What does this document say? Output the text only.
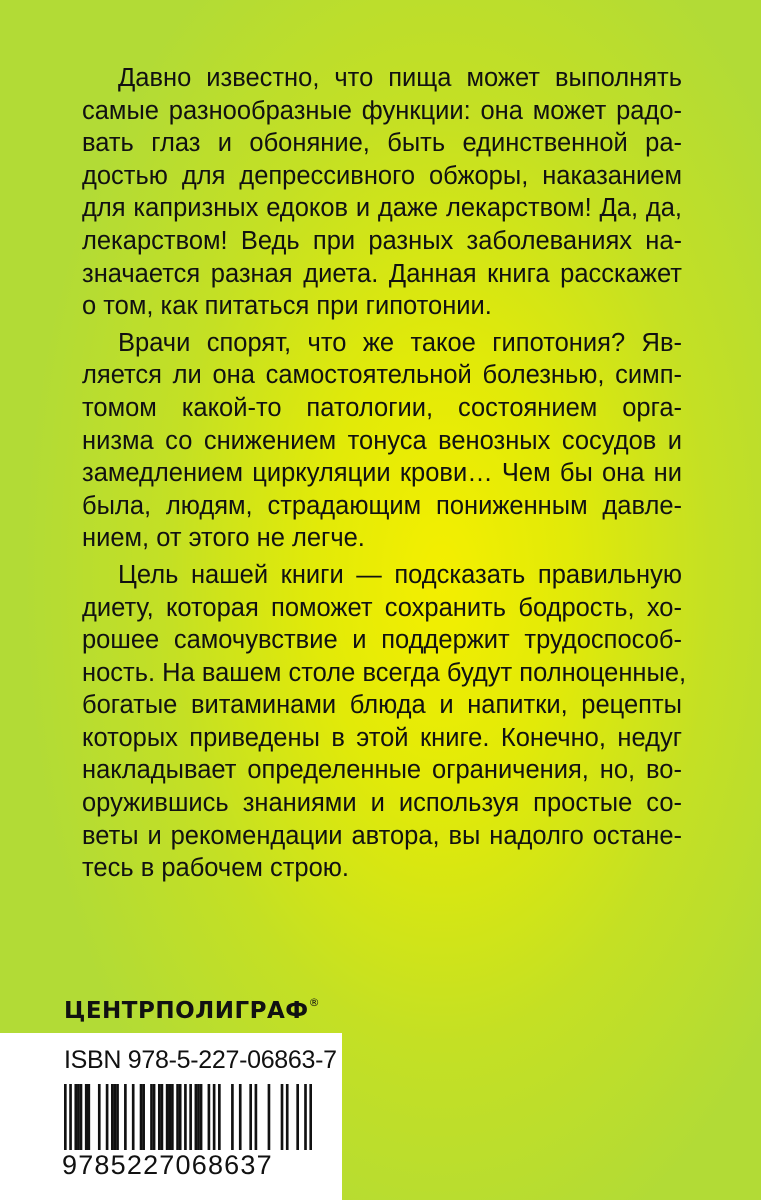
Давно известно, что пища может выполнять
самые разнообразные функции: она может радо-
вать глаз и обоняние, быть единственной ра-
достью для депрессивного обжоры, наказанием
для капризных едоков и даже лекарством! Да, да,
лекарством! Ведь при разных заболеваниях на-
значается разная диета. Данная книга расскажет
о том, как питаться при гипотонии.

Врачи спорят, что же такое гипотония? Яв-
ляется ли она самостоятельной болезнью, симп-
томом какой-то патологии, состоянием орга-
низма со снижением тонуса венозных сосудов и
замедлением циркуляции крови… Чем бы она ни
была, людям, страдающим пониженным давле-
нием, от этого не легче.

Цель нашей книги — подсказать правильную
диету, которая поможет сохранить бодрость, хо-
рошее самочувствие и поддержит трудоспособ-
ность. На вашем столе всегда будут полноценные,
богатые витаминами блюда и напитки, рецепты
которых приведены в этой книге. Конечно, недуг
накладывает определенные ограничения, но, во-
оружившись знаниями и используя простые со-
веты и рекомендации автора, вы надолго остане-
тесь в рабочем строю.

ЦЕНТРПОЛИГРАФ®
ISBN 978-5-227-06863-7
9785227068637
